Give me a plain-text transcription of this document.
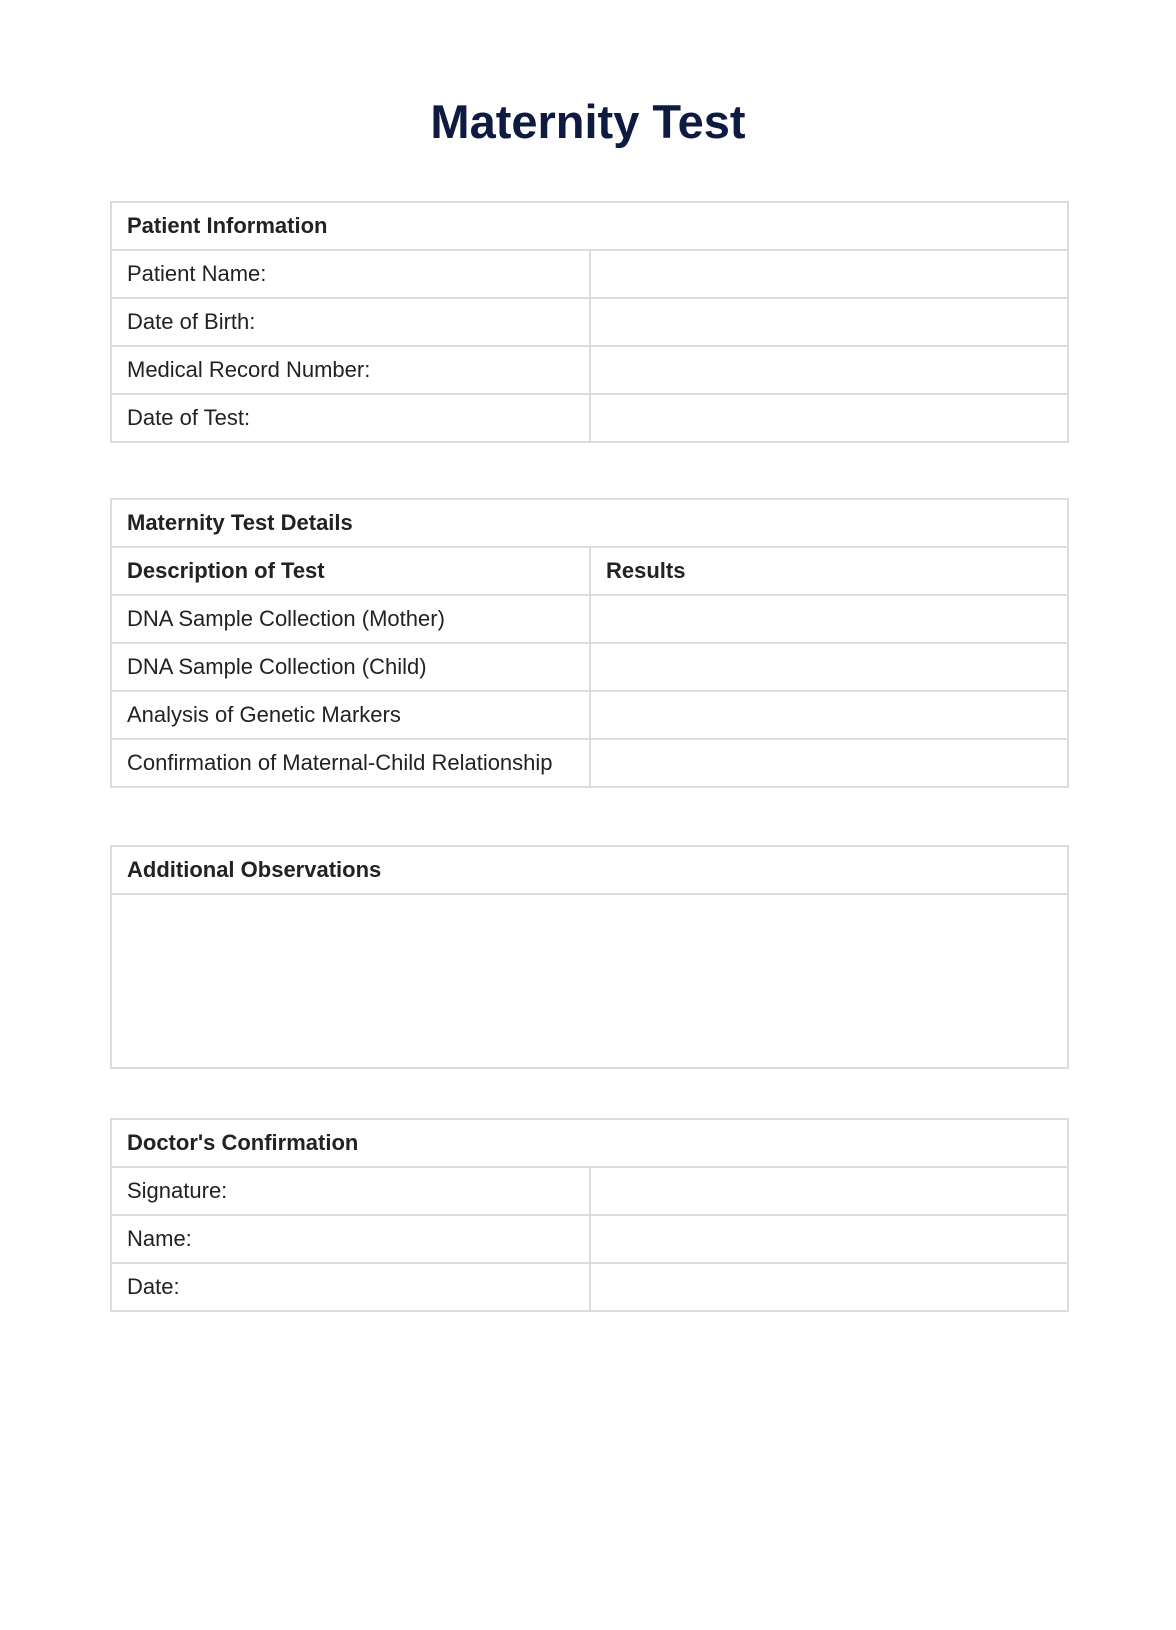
Maternity Test
Patient Information	
Patient Name:	
Date of Birth:	
Medical Record Number:	
Date of Test:	
Maternity Test Details	
Description of Test	Results
DNA Sample Collection (Mother)	
DNA Sample Collection (Child)	
Analysis of Genetic Markers	
Confirmation of Maternal-Child Relationship	
Additional Observations

Doctor's Confirmation	
Signature:	
Name:	
Date:	
